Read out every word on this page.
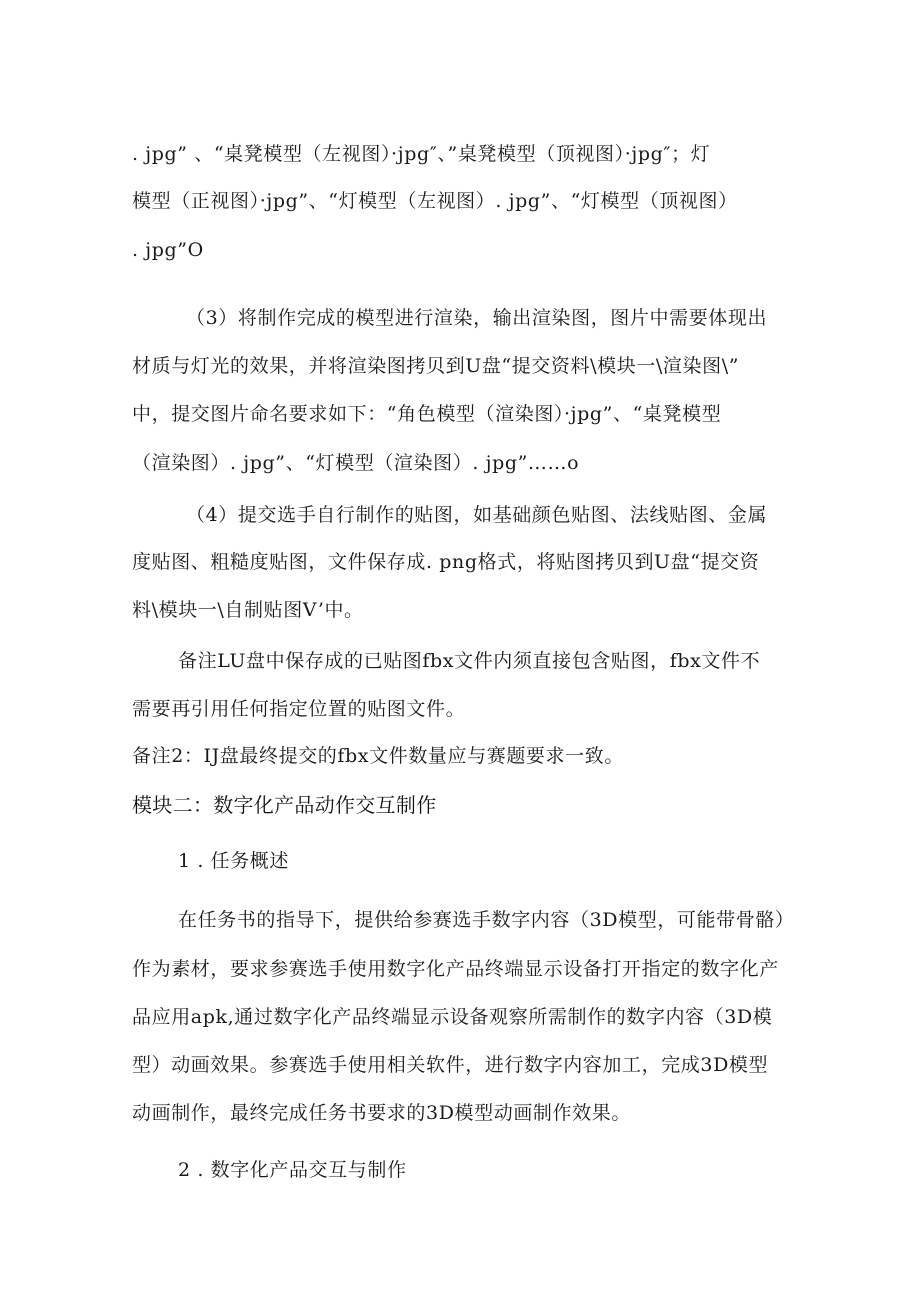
. jpg” 、“桌凳模型（左视图）·jpg″、”桌凳模型（顶视图）·jpg″；灯
模型（正视图）·jpg”、“灯模型（左视图）. jpg”、“灯模型（顶视图）
. jpg”O
（3）将制作完成的模型进行渲染，输出渲染图，图片中需要体现出
材质与灯光的效果，并将渲染图拷贝到U盘“提交资料\模块一\渲染图\”
中，提交图片命名要求如下：“角色模型（渲染图）·jpg”、“桌凳模型
（渲染图）. jpg”、“灯模型（渲染图）. jpg”……o
（4）提交选手自行制作的贴图，如基础颜色贴图、法线贴图、金属
度贴图、粗糙度贴图，文件保存成. png格式，将贴图拷贝到U盘“提交资
料\模块一\自制贴图V’中。
备注LU盘中保存成的已贴图fbx文件内须直接包含贴图，fbx文件不
需要再引用任何指定位置的贴图文件。
备注2：IJ盘最终提交的fbx文件数量应与赛题要求一致。
模块二：数字化产品动作交互制作
1 . 任务概述
在任务书的指导下，提供给参赛选手数字内容（3D模型，可能带骨骼）
作为素材，要求参赛选手使用数字化产品终端显示设备打开指定的数字化产
品应用apk,通过数字化产品终端显示设备观察所需制作的数字内容（3D模
型）动画效果。参赛选手使用相关软件，进行数字内容加工，完成3D模型
动画制作，最终完成任务书要求的3D模型动画制作效果。
2 . 数字化产品交互与制作
